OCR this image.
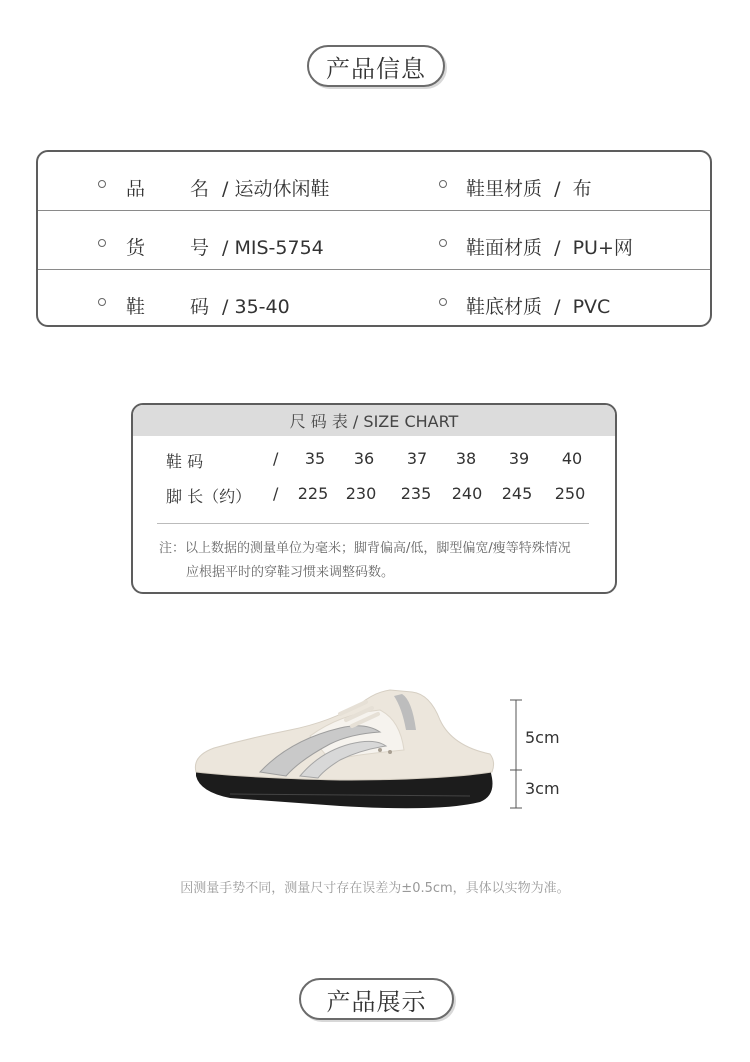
产品信息
品 名 / 运动休闲鞋	鞋里材质  /  布
货 号 / MIS-5754	鞋面材质  /  PU+网
鞋 码 / 35-40	鞋底材质  /  PVC
尺 码 表 / SIZE CHART
鞋 码	/	35	36	37	38	39	40
脚 长（约） / 225 230 235 240 245 250
注：以上数据的测量单位为毫米；脚背偏高/低，脚型偏宽/瘦等特殊情况
应根据平时的穿鞋习惯来调整码数。
5cm
3cm
因测量手势不同，测量尺寸存在误差为±0.5cm，具体以实物为准。
产品展示
